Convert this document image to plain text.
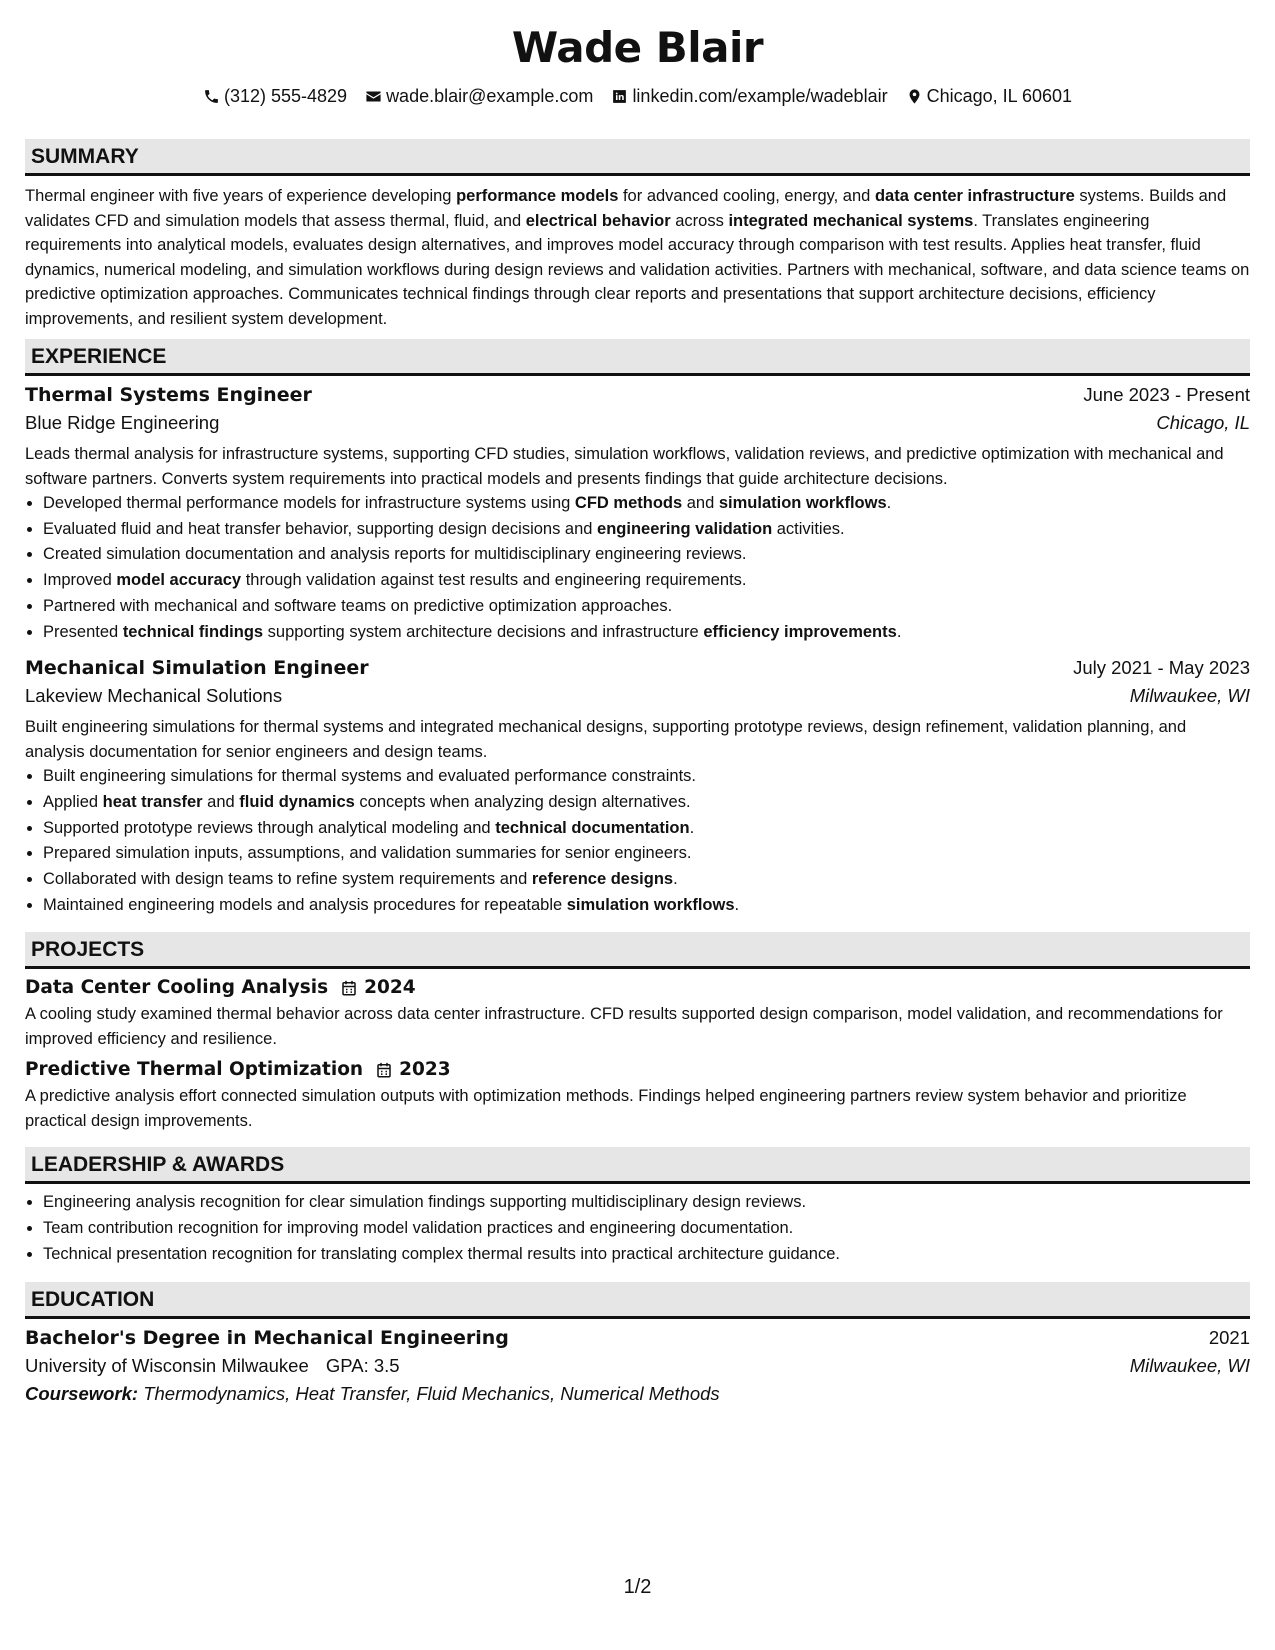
Wade Blair
(312) 555-4829 wade.blair@example.com linkedin.com/example/wadeblair Chicago, IL 60601
SUMMARY

Thermal engineer with five years of experience developing performance models for advanced cooling, energy, and data center infrastructure systems. Builds and validates CFD and simulation models that assess thermal, fluid, and electrical behavior across integrated mechanical systems. Translates engineering requirements into analytical models, evaluates design alternatives, and improves model accuracy through comparison with test results. Applies heat transfer, fluid dynamics, numerical modeling, and simulation workflows during design reviews and validation activities. Partners with mechanical, software, and data science teams on predictive optimization approaches. Communicates technical findings through clear reports and presentations that support architecture decisions, efficiency improvements, and resilient system development.

EXPERIENCE
Thermal Systems Engineer	June 2023 - Present
Blue Ridge Engineering	Chicago, IL

Leads thermal analysis for infrastructure systems, supporting CFD studies, simulation workflows, validation reviews, and predictive optimization with mechanical and software partners. Converts system requirements into practical models and presents findings that guide architecture decisions.

• Developed thermal performance models for infrastructure systems using CFD methods and simulation workflows.
• Evaluated fluid and heat transfer behavior, supporting design decisions and engineering validation activities.
• Created simulation documentation and analysis reports for multidisciplinary engineering reviews.
• Improved model accuracy through validation against test results and engineering requirements.
• Partnered with mechanical and software teams on predictive optimization approaches.
• Presented technical findings supporting system architecture decisions and infrastructure efficiency improvements.
Mechanical Simulation Engineer	July 2021 - May 2023
Lakeview Mechanical Solutions	Milwaukee, WI

Built engineering simulations for thermal systems and integrated mechanical designs, supporting prototype reviews, design refinement, validation planning, and analysis documentation for senior engineers and design teams.

• Built engineering simulations for thermal systems and evaluated performance constraints.
• Applied heat transfer and fluid dynamics concepts when analyzing design alternatives.
• Supported prototype reviews through analytical modeling and technical documentation.
• Prepared simulation inputs, assumptions, and validation summaries for senior engineers.
• Collaborated with design teams to refine system requirements and reference designs.
• Maintained engineering models and analysis procedures for repeatable simulation workflows.
PROJECTS
Data Center Cooling Analysis 2024

A cooling study examined thermal behavior across data center infrastructure. CFD results supported design comparison, model validation, and recommendations for improved efficiency and resilience.

Predictive Thermal Optimization 2023

A predictive analysis effort connected simulation outputs with optimization methods. Findings helped engineering partners review system behavior and prioritize practical design improvements.

LEADERSHIP & AWARDS
• Engineering analysis recognition for clear simulation findings supporting multidisciplinary design reviews.
• Team contribution recognition for improving model validation practices and engineering documentation.
• Technical presentation recognition for translating complex thermal results into practical architecture guidance.
EDUCATION
Bachelor's Degree in Mechanical Engineering	2021
University of Wisconsin Milwaukee GPA: 3.5	Milwaukee, WI
Coursework: Thermodynamics, Heat Transfer, Fluid Mechanics, Numerical Methods
1/2
